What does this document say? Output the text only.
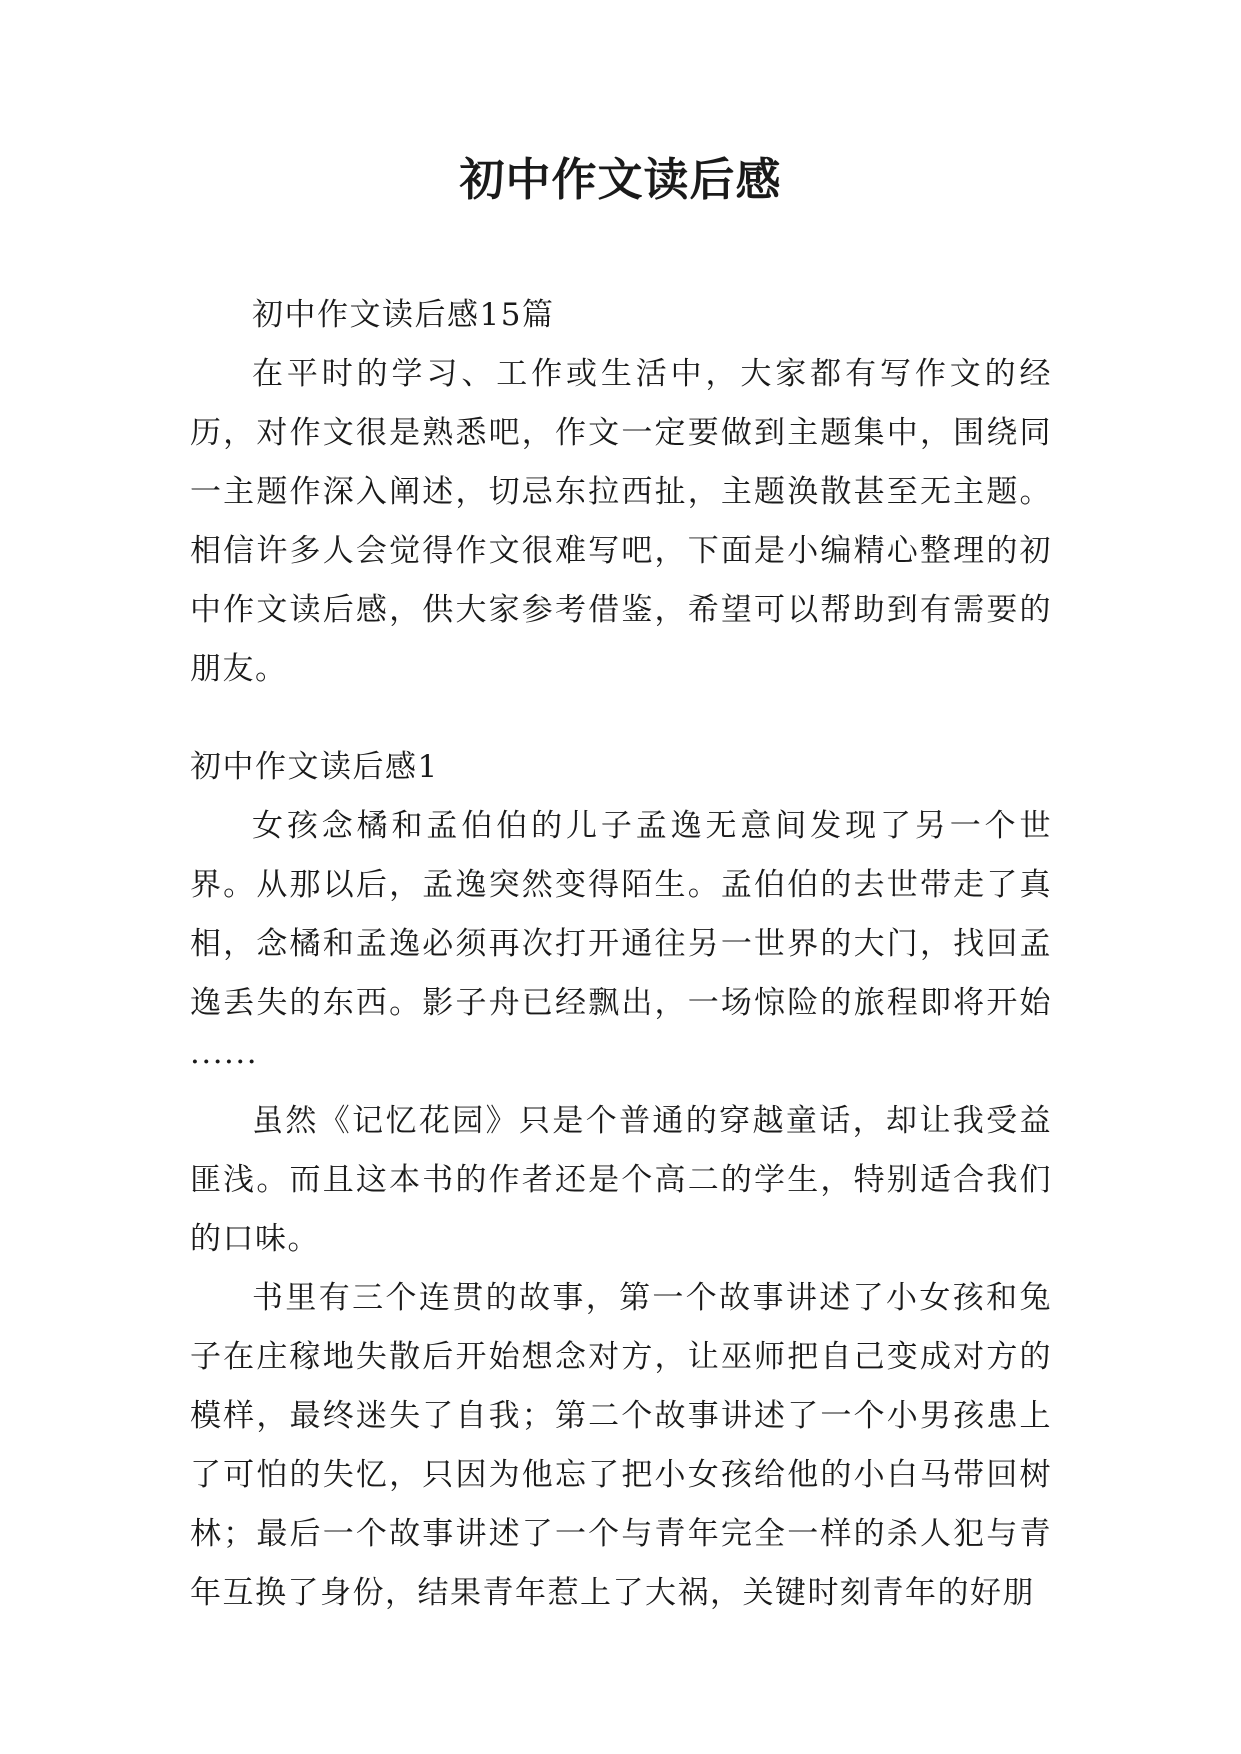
初中作文读后感

初中作文读后感15篇

在平时的学习、工作或生活中，大家都有写作文的经历，对作文很是熟悉吧，作文一定要做到主题集中，围绕同一主题作深入阐述，切忌东拉西扯，主题涣散甚至无主题。相信许多人会觉得作文很难写吧，下面是小编精心整理的初中作文读后感，供大家参考借鉴，希望可以帮助到有需要的朋友。

初中作文读后感1

女孩念橘和孟伯伯的儿子孟逸无意间发现了另一个世界。从那以后，孟逸突然变得陌生。孟伯伯的去世带走了真相，念橘和孟逸必须再次打开通往另一世界的大门，找回孟逸丢失的东西。影子舟已经飘出，一场惊险的旅程即将开始······

虽然《记忆花园》只是个普通的穿越童话，却让我受益匪浅。而且这本书的作者还是个高二的学生，特别适合我们的口味。

书里有三个连贯的故事，第一个故事讲述了小女孩和兔子在庄稼地失散后开始想念对方，让巫师把自己变成对方的模样，最终迷失了自我；第二个故事讲述了一个小男孩患上了可怕的失忆，只因为他忘了把小女孩给他的小白马带回树林；最后一个故事讲述了一个与青年完全一样的杀人犯与青年互换了身份，结果青年惹上了大祸，关键时刻青年的好朋
